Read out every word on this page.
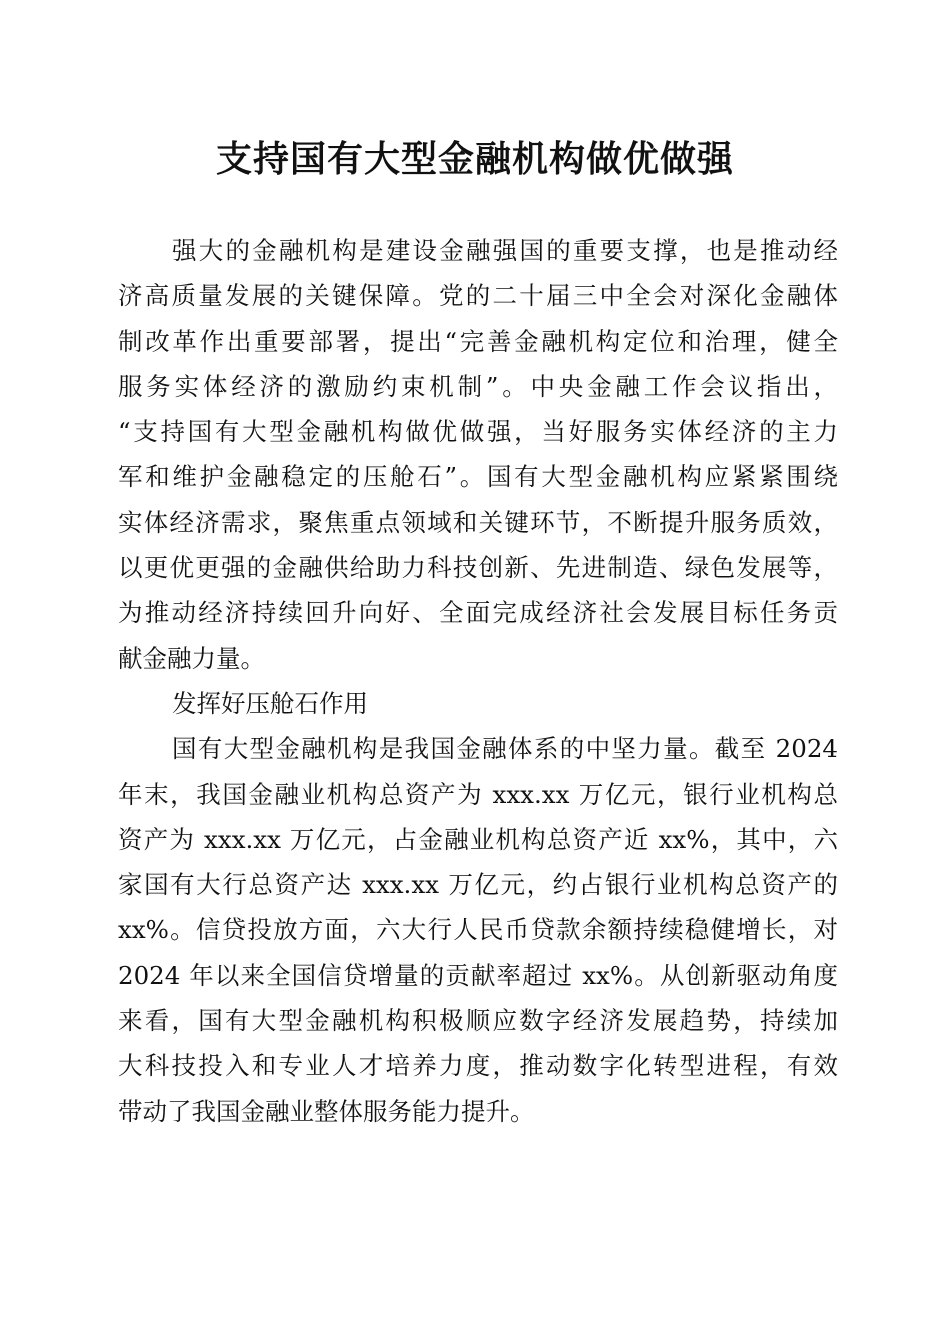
支持国有大型金融机构做优做强
强大的金融机构是建设金融强国的重要支撑，也是推动经
济高质量发展的关键保障。党的二十届三中全会对深化金融体
制改革作出重要部署，提出“完善金融机构定位和治理，健全
服务实体经济的激励约束机制”。中央金融工作会议指出，
“支持国有大型金融机构做优做强，当好服务实体经济的主力
军和维护金融稳定的压舱石”。国有大型金融机构应紧紧围绕
实体经济需求，聚焦重点领域和关键环节，不断提升服务质效，
以更优更强的金融供给助力科技创新、先进制造、绿色发展等，
为推动经济持续回升向好、全面完成经济社会发展目标任务贡
献金融力量。
发挥好压舱石作用
国有大型金融机构是我国金融体系的中坚力量。截至 2024
年末，我国金融业机构总资产为 xxx.xx 万亿元，银行业机构总
资产为 xxx.xx 万亿元，占金融业机构总资产近 xx%，其中，六
家国有大行总资产达 xxx.xx 万亿元，约占银行业机构总资产的
xx%。信贷投放方面，六大行人民币贷款余额持续稳健增长，对
2024 年以来全国信贷增量的贡献率超过 xx%。从创新驱动角度
来看，国有大型金融机构积极顺应数字经济发展趋势，持续加
大科技投入和专业人才培养力度，推动数字化转型进程，有效
带动了我国金融业整体服务能力提升。
